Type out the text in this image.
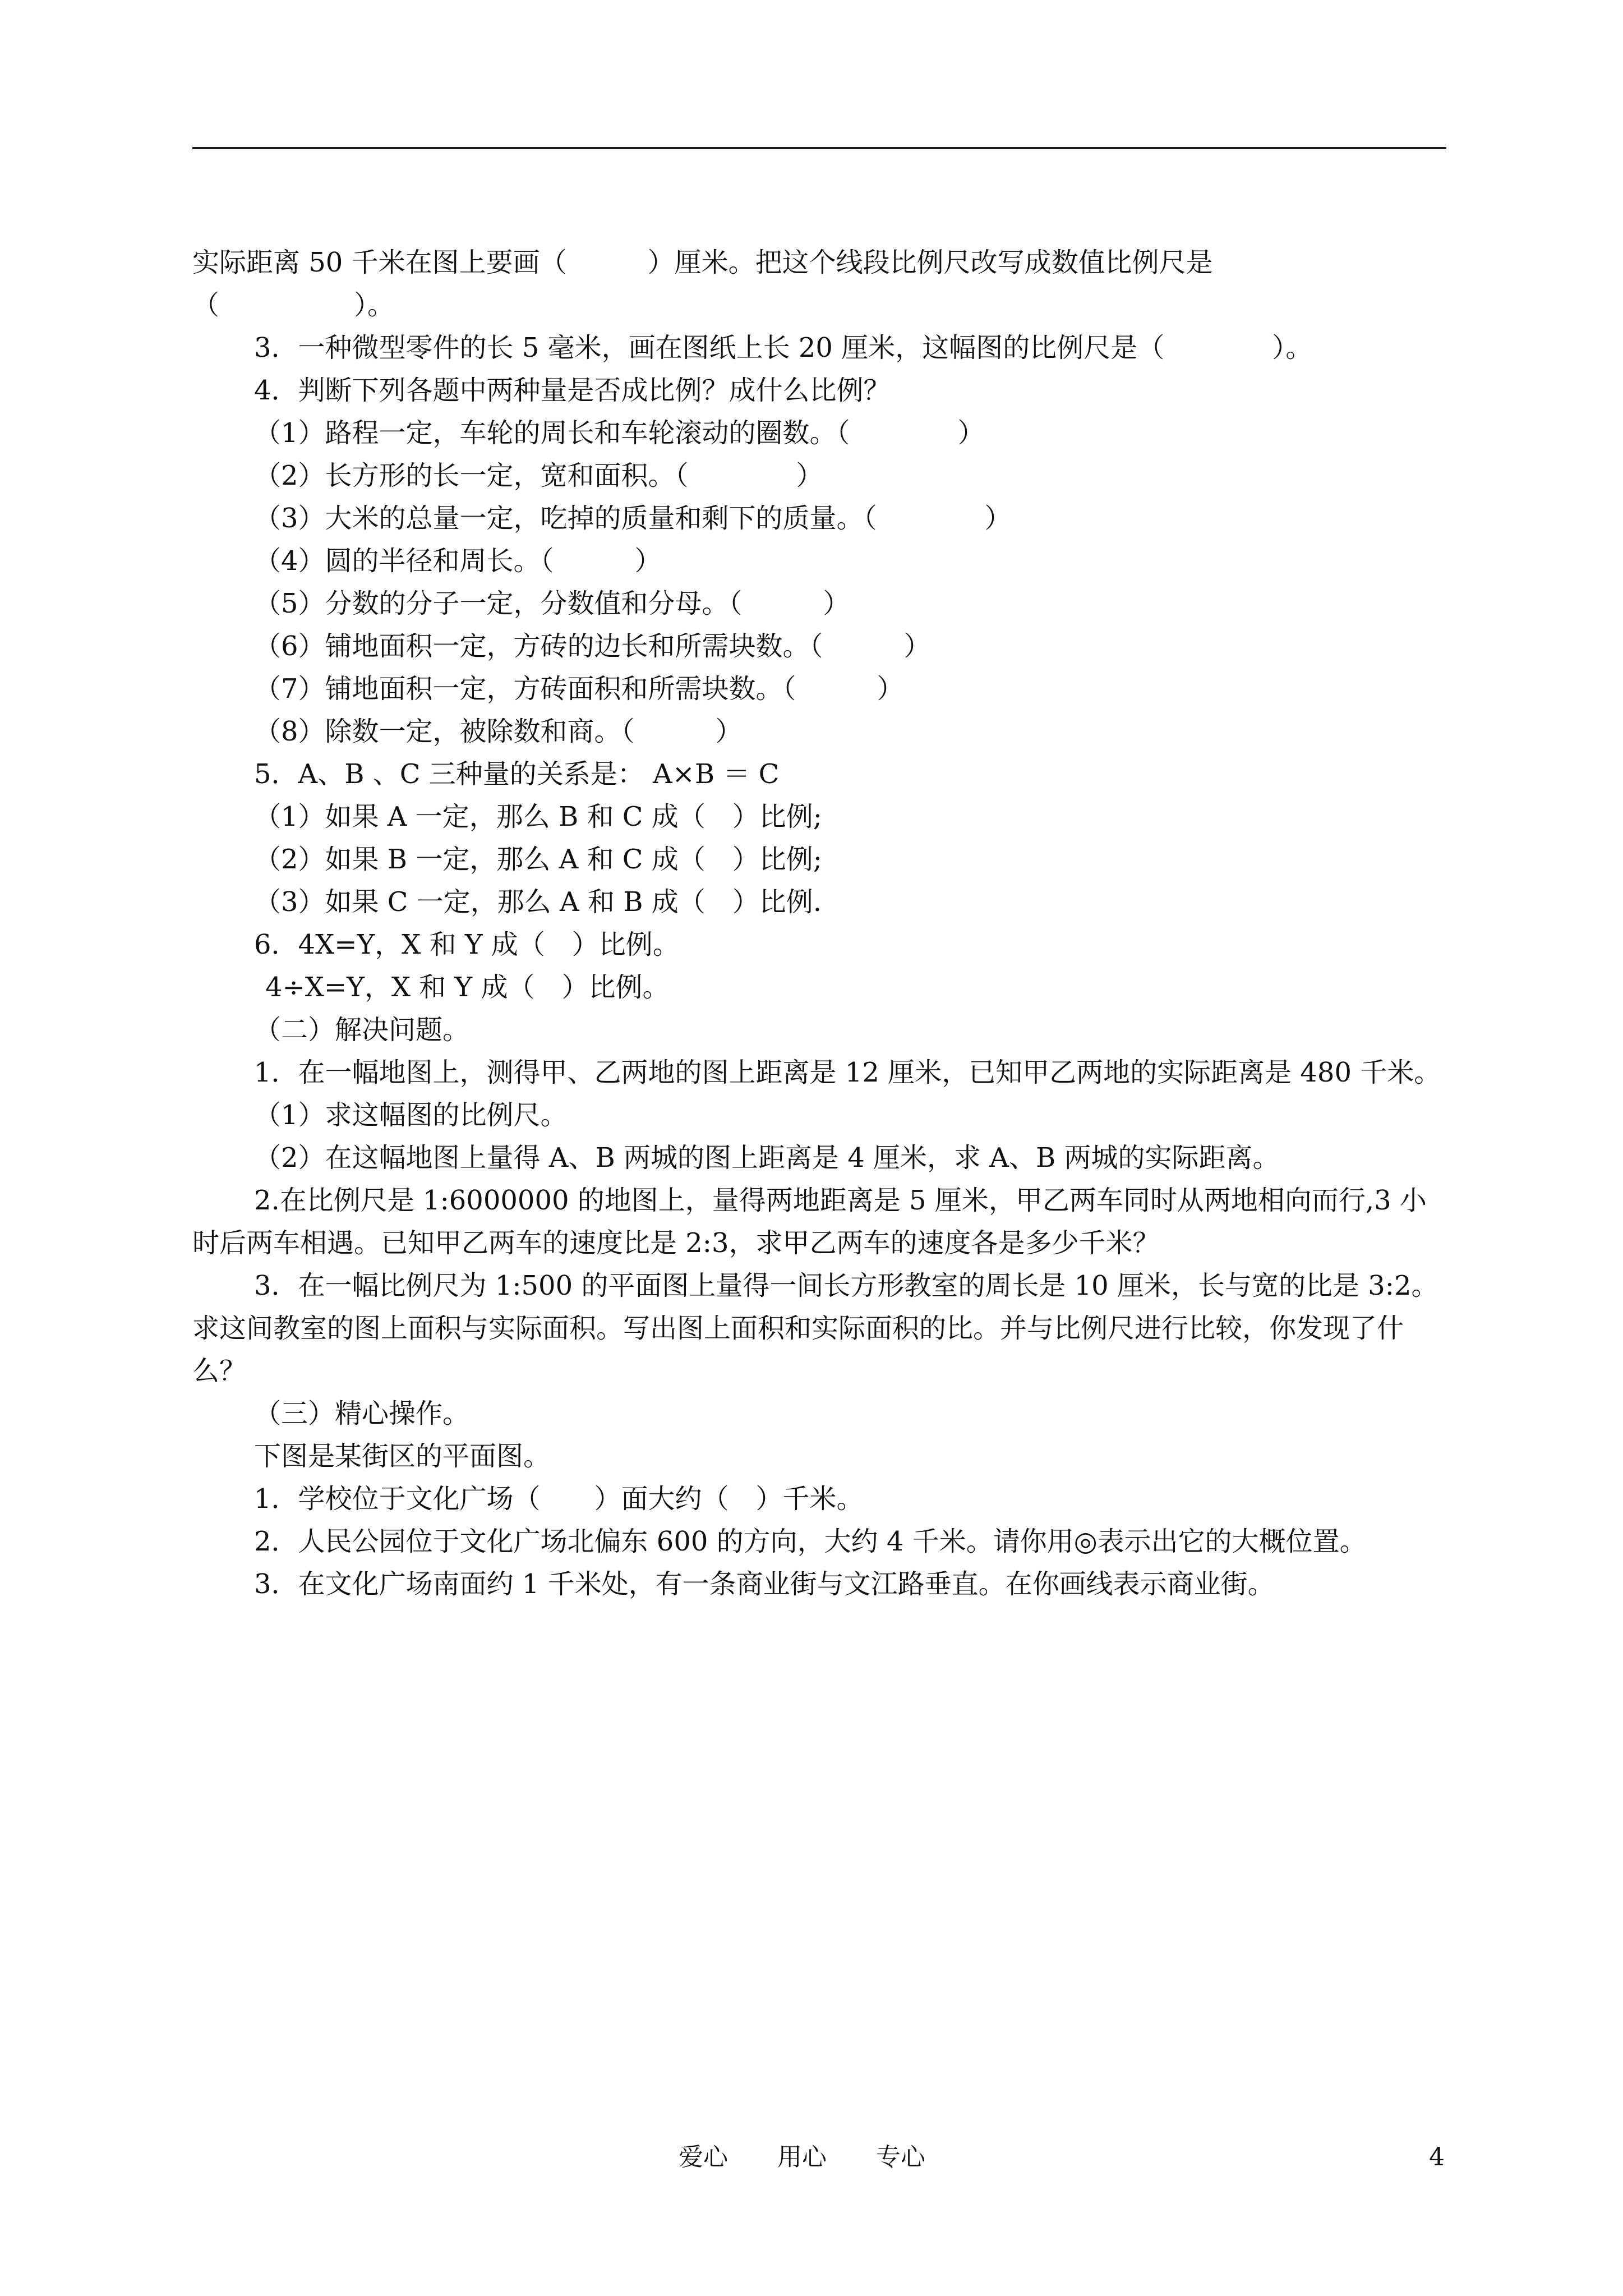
实际距离 50 千米在图上要画（　　　）厘米。把这个线段比例尺改写成数值比例尺是
（　　　　　）。
3．一种微型零件的长 5 毫米，画在图纸上长 20 厘米，这幅图的比例尺是（　　　　）。
4．判断下列各题中两种量是否成比例？成什么比例？
（1）路程一定，车轮的周长和车轮滚动的圈数。（　　　　）
（2）长方形的长一定，宽和面积。（　　　　）
（3）大米的总量一定，吃掉的质量和剩下的质量。（　　　　）
（4）圆的半径和周长。（　　　）
（5）分数的分子一定，分数值和分母。（　　　）
（6）铺地面积一定，方砖的边长和所需块数。（　　　）
（7）铺地面积一定，方砖面积和所需块数。（　　　）
（8）除数一定，被除数和商。（　　　）
5．A、B 、C 三种量的关系是： A×B ＝ C
（1）如果 A 一定，那么 B 和 C 成（　）比例;
（2）如果 B 一定，那么 A 和 C 成（　）比例;
（3）如果 C 一定，那么 A 和 B 成（　）比例.
6．4X=Y，X 和 Y 成（　）比例。
4÷X=Y，X 和 Y 成（　）比例。
（二）解决问题。
1．在一幅地图上，测得甲、乙两地的图上距离是 12 厘米，已知甲乙两地的实际距离是 480 千米。
（1）求这幅图的比例尺。
（2）在这幅地图上量得 A、B 两城的图上距离是 4 厘米，求 A、B 两城的实际距离。
2.在比例尺是 1:6000000 的地图上，量得两地距离是 5 厘米，甲乙两车同时从两地相向而行,3 小时后两车相遇。已知甲乙两车的速度比是 2:3，求甲乙两车的速度各是多少千米？
3．在一幅比例尺为 1:500 的平面图上量得一间长方形教室的周长是 10 厘米，长与宽的比是 3:2。求这间教室的图上面积与实际面积。写出图上面积和实际面积的比。并与比例尺进行比较，你发现了什么？
（三）精心操作。
下图是某街区的平面图。
1．学校位于文化广场（　　）面大约（　）千米。
2．人民公园位于文化广场北偏东 600 的方向，大约 4 千米。请你用◎表示出它的大概位置。
3．在文化广场南面约 1 千米处，有一条商业街与文江路垂直。在你画线表示商业街。
爱心　　用心　　专心	4
